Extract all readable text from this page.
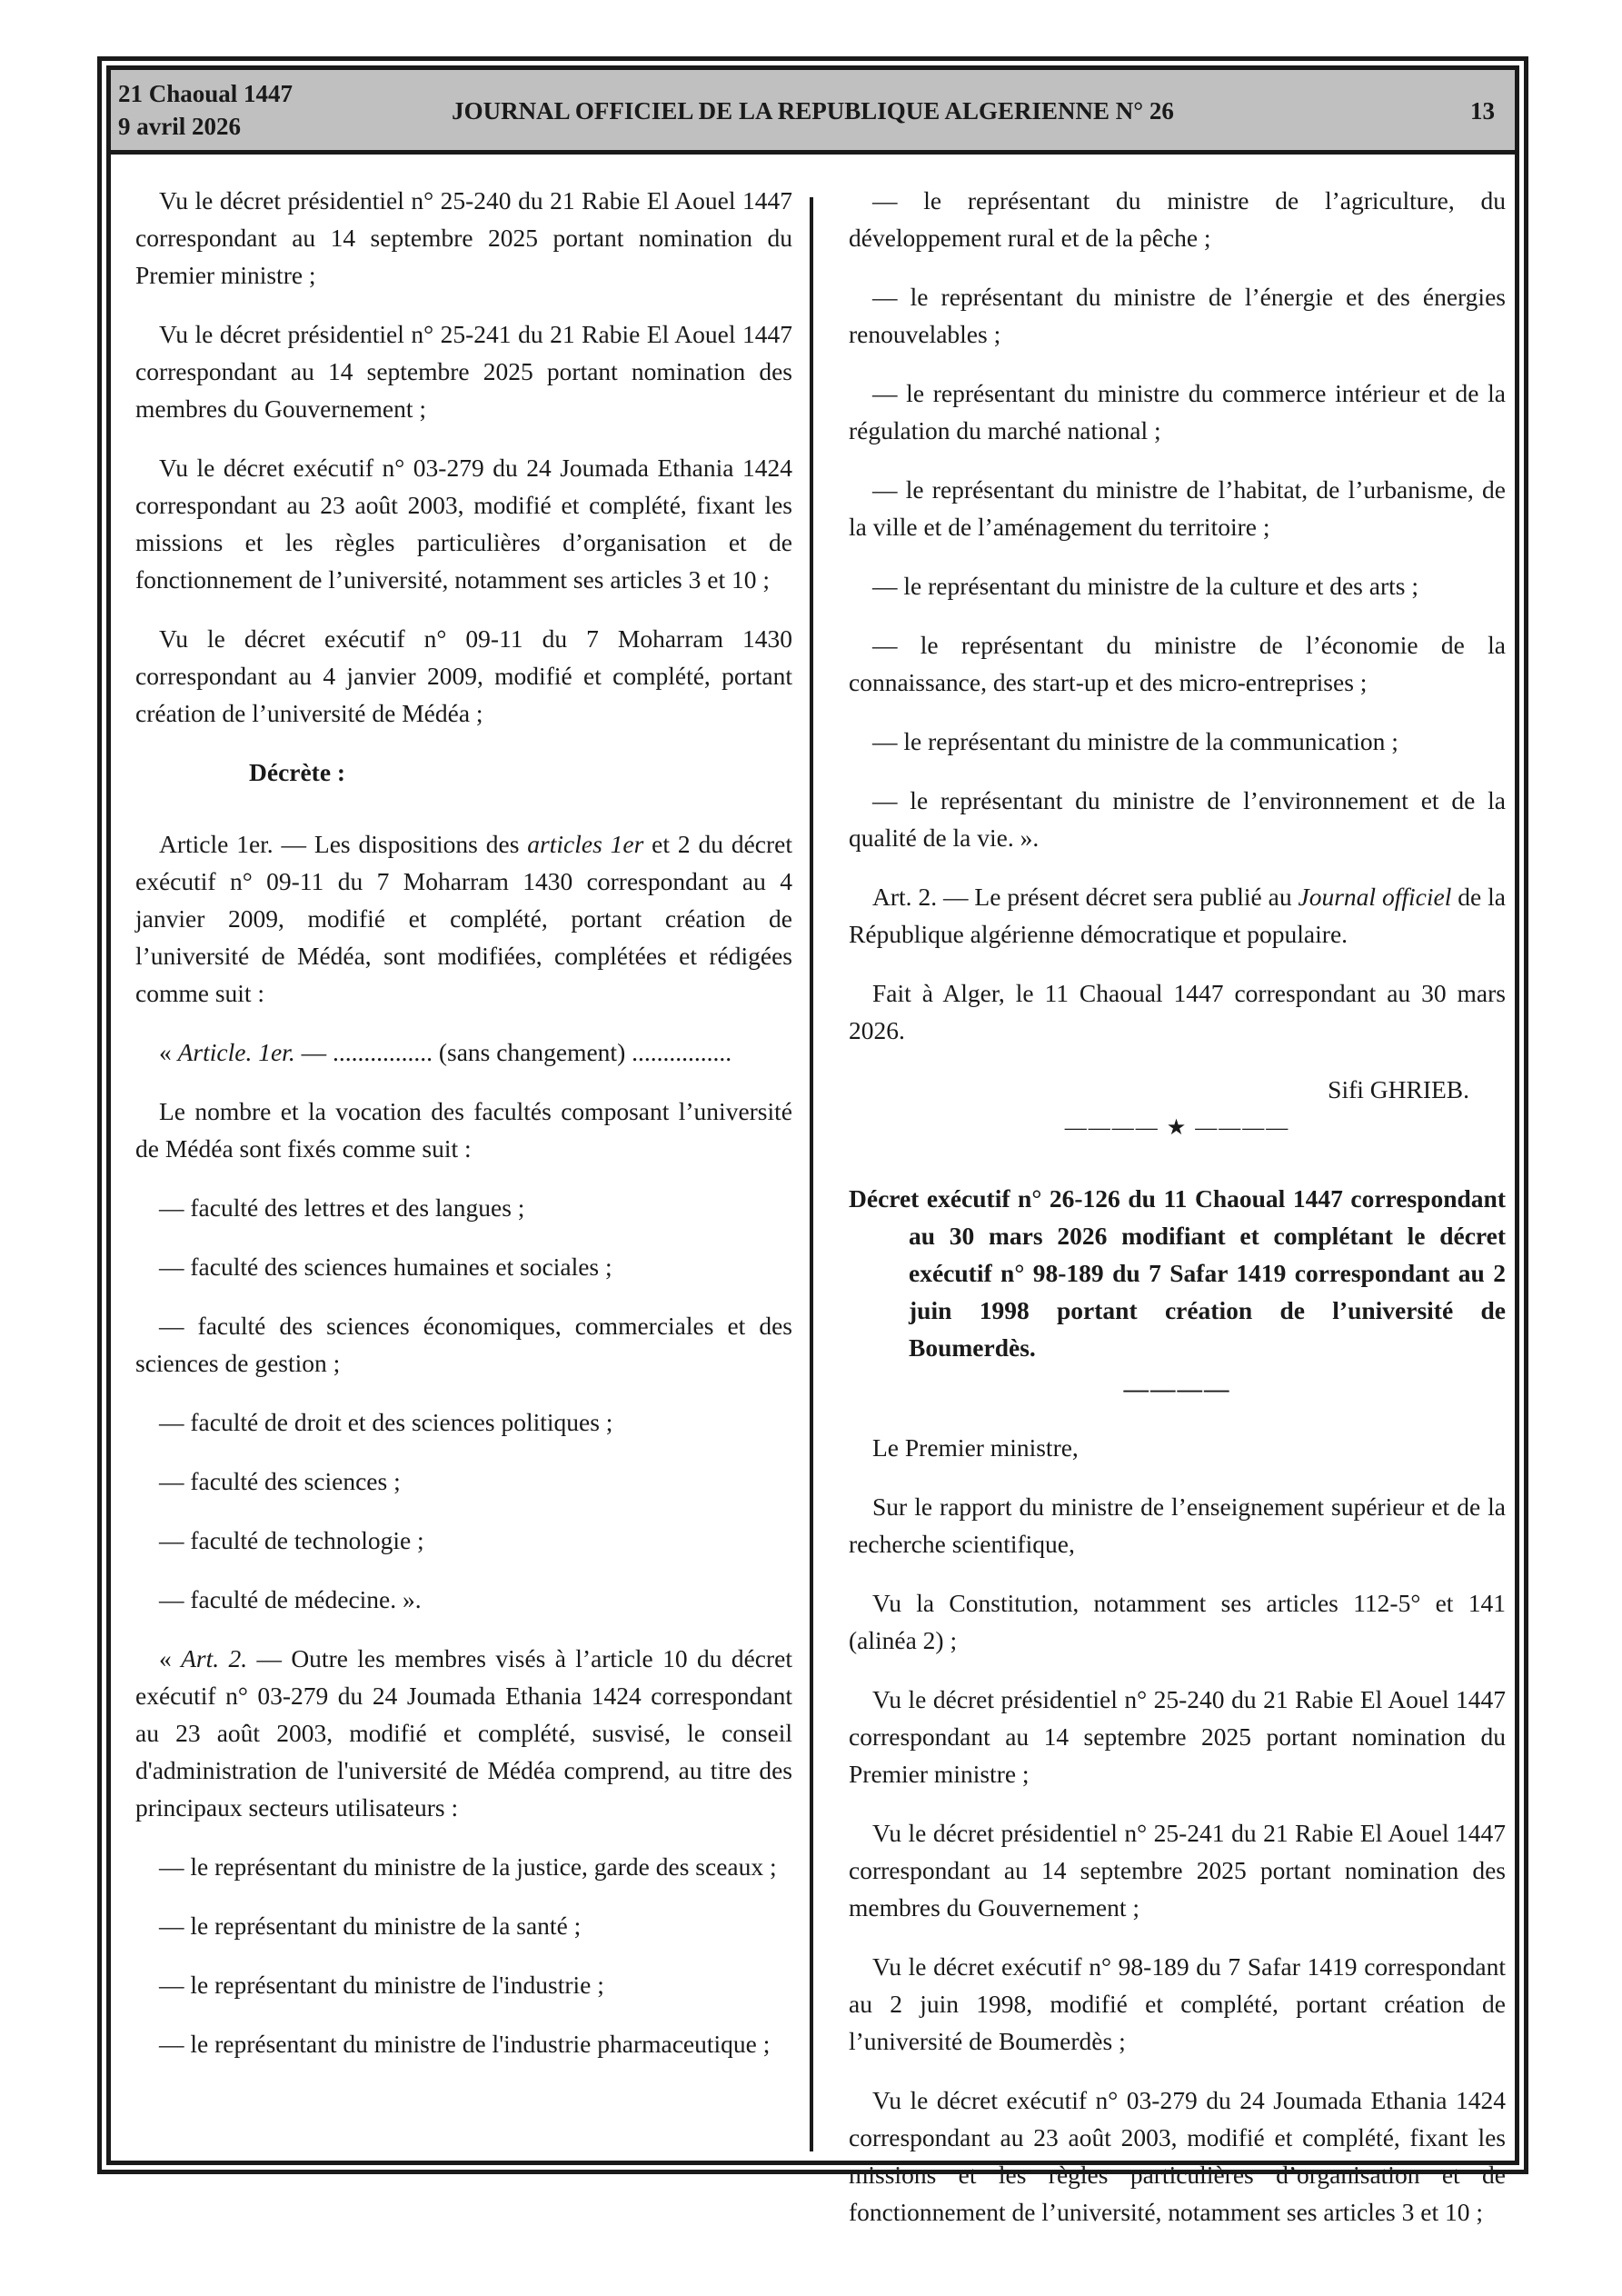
21 Chaoual 1447
9 avril 2026
JOURNAL OFFICIEL DE LA REPUBLIQUE ALGERIENNE N° 26	13

Vu le décret présidentiel n° 25-240 du 21 Rabie El Aouel 1447 correspondant au 14 septembre 2025 portant nomination du Premier ministre ;

Vu le décret présidentiel n° 25-241 du 21 Rabie El Aouel 1447 correspondant au 14 septembre 2025 portant nomination des membres du Gouvernement ;

Vu le décret exécutif n° 03-279 du 24 Joumada Ethania 1424 correspondant au 23 août 2003, modifié et complété, fixant les missions et les règles particulières d’organisation et de fonctionnement de l’université, notamment ses articles 3 et 10 ;

Vu le décret exécutif n° 09-11 du 7 Moharram 1430 correspondant au 4 janvier 2009, modifié et complété, portant création de l’université de Médéa ;

Décrète :

Article 1er. — Les dispositions des articles 1er et 2 du décret exécutif n° 09-11 du 7 Moharram 1430 correspondant au 4 janvier 2009, modifié et complété, portant création de l’université de Médéa, sont modifiées, complétées et rédigées comme suit :

« Article. 1er. — ................ (sans changement) ................

Le nombre et la vocation des facultés composant l’université de Médéa sont fixés comme suit :

— faculté des lettres et des langues ;

— faculté des sciences humaines et sociales ;

— faculté des sciences économiques, commerciales et des sciences de gestion ;

— faculté de droit et des sciences politiques ;

— faculté des sciences ;

— faculté de technologie ;

— faculté de médecine. ».

« Art. 2. — Outre les membres visés à l’article 10 du décret exécutif n° 03-279 du 24 Joumada Ethania 1424 correspondant au 23 août 2003, modifié et complété, susvisé, le conseil d'administration de l'université de Médéa comprend, au titre des principaux secteurs utilisateurs :

— le représentant du ministre de la justice, garde des sceaux ;

— le représentant du ministre de la santé ;

— le représentant du ministre de l'industrie ;

— le représentant du ministre de l'industrie pharmaceutique ;

— le représentant du ministre de l’agriculture, du développement rural et de la pêche ;

— le représentant du ministre de l’énergie et des énergies renouvelables ;

— le représentant du ministre du commerce intérieur et de la régulation du marché national ;

— le représentant du ministre de l’habitat, de l’urbanisme, de la ville et de l’aménagement du territoire ;

— le représentant du ministre de la culture et des arts ;

— le représentant du ministre de l’économie de la connaissance, des start-up et des micro-entreprises ;

— le représentant du ministre de la communication ;

— le représentant du ministre de l’environnement et de la qualité de la vie. ».

Art. 2. — Le présent décret sera publié au Journal officiel de la République algérienne démocratique et populaire.

Fait à Alger, le 11 Chaoual 1447 correspondant au 30 mars 2026.

Sifi GHRIEB.

———— ★ ————

Décret exécutif n° 26-126 du 11 Chaoual 1447 correspondant au 30 mars 2026 modifiant et complétant le décret exécutif n° 98-189 du 7 Safar 1419 correspondant au 2 juin 1998 portant création de l’université de Boumerdès.

————

Le Premier ministre,

Sur le rapport du ministre de l’enseignement supérieur et de la recherche scientifique,

Vu la Constitution, notamment ses articles 112-5° et 141 (alinéa 2) ;

Vu le décret présidentiel n° 25-240 du 21 Rabie El Aouel 1447 correspondant au 14 septembre 2025 portant nomination du Premier ministre ;

Vu le décret présidentiel n° 25-241 du 21 Rabie El Aouel 1447 correspondant au 14 septembre 2025 portant nomination des membres du Gouvernement ;

Vu le décret exécutif n° 98-189 du 7 Safar 1419 correspondant au 2 juin 1998, modifié et complété, portant création de l’université de Boumerdès ;

Vu le décret exécutif n° 03-279 du 24 Joumada Ethania 1424 correspondant au 23 août 2003, modifié et complété, fixant les missions et les règles particulières d’organisation et de fonctionnement de l’université, notamment ses articles 3 et 10 ;
